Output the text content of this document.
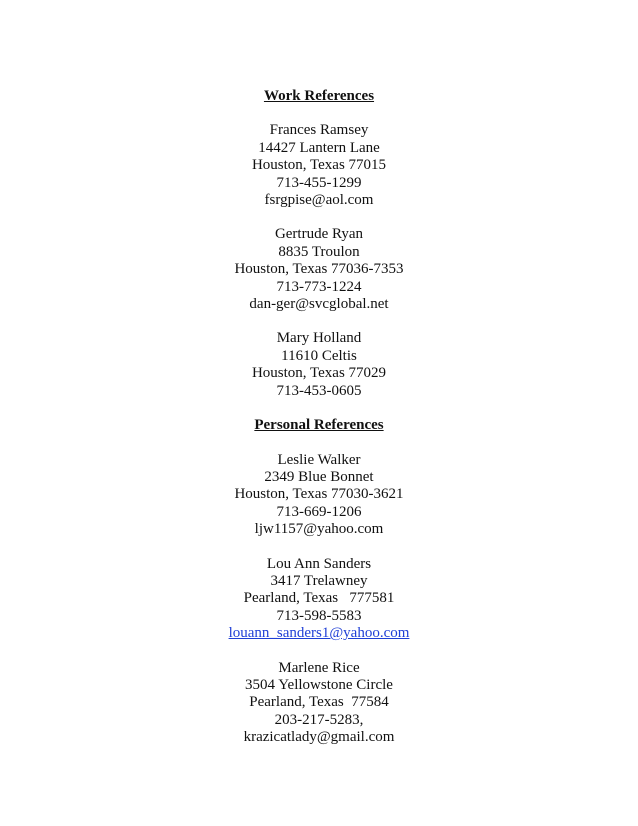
Work References
Frances Ramsey
14427 Lantern Lane
Houston, Texas 77015
713-455-1299
fsrgpise@aol.com
Gertrude Ryan
8835 Troulon
Houston, Texas 77036-7353
713-773-1224
dan-ger@svcglobal.net
Mary Holland
11610 Celtis
Houston, Texas 77029
713-453-0605
Personal References
Leslie Walker
2349 Blue Bonnet
Houston, Texas 77030-3621
713-669-1206
ljw1157@yahoo.com
Lou Ann Sanders
3417 Trelawney
Pearland, Texas   777581
713-598-5583
louann_sanders1@yahoo.com
Marlene Rice
3504 Yellowstone Circle
Pearland, Texas  77584
203-217-5283,
krazicatlady@gmail.com
